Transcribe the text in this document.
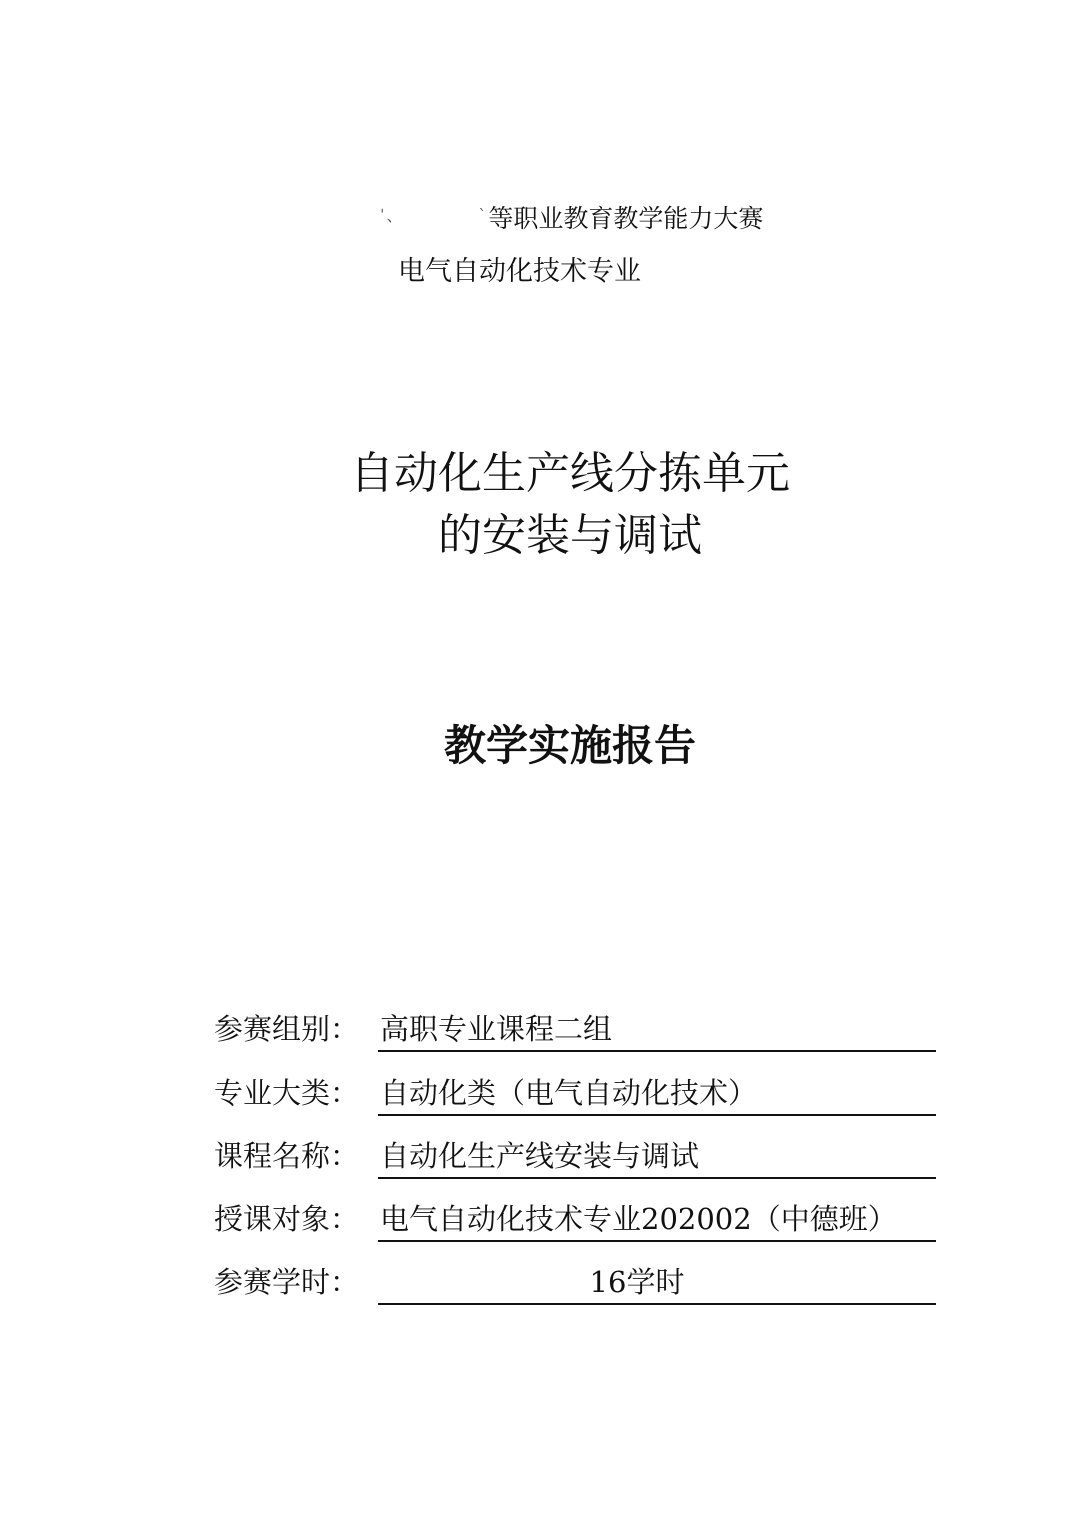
$^{ˈ、}$	$^ˋ$等职业教育教学能力大赛
电气自动化技术专业
自动化生产线分拣单元
的安装与调试
教学实施报告
参赛组别： 高职专业课程二组
专业大类： 自动化类（电气自动化技术）
课程名称： 自动化生产线安装与调试
授课对象： 电气自动化技术专业202002（中德班）
参赛学时：	16学时
